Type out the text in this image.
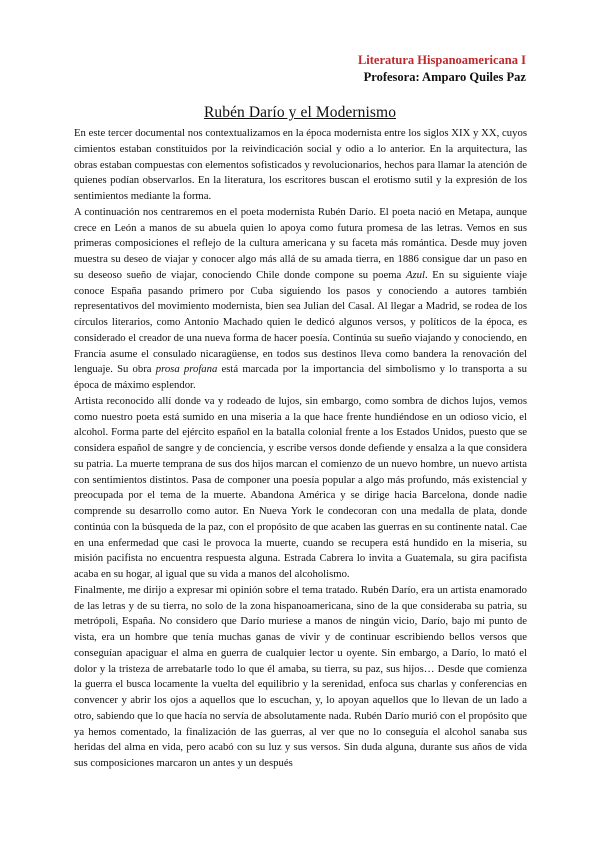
Literatura Hispanoamericana I
Profesora: Amparo Quiles Paz
Rubén Darío y el Modernismo

En este tercer documental nos contextualizamos en la época modernista entre los siglos XIX y XX, cuyos cimientos estaban constituidos por la reivindicación social y odio a lo anterior. En la arquitectura, las obras estaban compuestas con elementos sofisticados y revolucionarios, hechos para llamar la atención de quienes podían observarlos. En la literatura, los escritores buscan el erotismo sutil y la expresión de los sentimientos mediante la forma.

A continuación nos centraremos en el poeta modernista Rubén Darío. El poeta nació en Metapa, aunque crece en León a manos de su abuela quien lo apoya como futura promesa de las letras. Vemos en sus primeras composiciones el reflejo de la cultura americana y su faceta más romántica. Desde muy joven muestra su deseo de viajar y conocer algo más allá de su amada tierra, en 1886 consigue dar un paso en su deseoso sueño de viajar, conociendo Chile donde compone su poema Azul. En su siguiente viaje conoce España pasando primero por Cuba siguiendo los pasos y conociendo a autores también representativos del movimiento modernista, bien sea Julian del Casal. Al llegar a Madrid, se rodea de los círculos literarios, como Antonio Machado quien le dedicó algunos versos, y políticos de la época, es considerado el creador de una nueva forma de hacer poesía. Continúa su sueño viajando y conociendo, en Francia asume el consulado nicaragüense, en todos sus destinos lleva como bandera la renovación del lenguaje. Su obra prosa profana está marcada por la importancia del simbolismo y lo transporta a su época de máximo esplendor.

Artista reconocido allí donde va y rodeado de lujos, sin embargo, como sombra de dichos lujos, vemos como nuestro poeta está sumido en una miseria a la que hace frente hundiéndose en un odioso vicio, el alcohol. Forma parte del ejército español en la batalla colonial frente a los Estados Unidos, puesto que se considera español de sangre y de conciencia, y escribe versos donde defiende y ensalza a la que considera su patria. La muerte temprana de sus dos hijos marcan el comienzo de un nuevo hombre, un nuevo artista con sentimientos distintos. Pasa de componer una poesía popular a algo más profundo, más existencial y preocupada por el tema de la muerte. Abandona América y se dirige hacia Barcelona, donde nadie comprende su desarrollo como autor. En Nueva York le condecoran con una medalla de plata, donde continúa con la búsqueda de la paz, con el propósito de que acaben las guerras en su continente natal. Cae en una enfermedad que casi le provoca la muerte, cuando se recupera está hundido en la miseria, su misión pacifista no encuentra respuesta alguna. Estrada Cabrera lo invita a Guatemala, su gira pacifista acaba en su hogar, al igual que su vida a manos del alcoholismo.

Finalmente, me dirijo a expresar mi opinión sobre el tema tratado. Rubén Darío, era un artista enamorado de las letras y de su tierra, no solo de la zona hispanoamericana, sino de la que consideraba su patria, su metrópoli, España. No considero que Darío muriese a manos de ningún vicio, Darío, bajo mi punto de vista, era un hombre que tenía muchas ganas de vivir y de continuar escribiendo bellos versos que conseguían apaciguar el alma en guerra de cualquier lector u oyente. Sin embargo, a Darío, lo mató el dolor y la tristeza de arrebatarle todo lo que él amaba, su tierra, su paz, sus hijos… Desde que comienza la guerra el busca locamente la vuelta del equilibrio y la serenidad, enfoca sus charlas y conferencias en convencer y abrir los ojos a aquellos que lo escuchan, y, lo apoyan aquellos que lo llevan de un lado a otro, sabiendo que lo que hacía no servía de absolutamente nada. Rubén Darío murió con el propósito que ya hemos comentado, la finalización de las guerras, al ver que no lo conseguía el alcohol sanaba sus heridas del alma en vida, pero acabó con su luz y sus versos. Sin duda alguna, durante sus años de vida sus composiciones marcaron un antes y un después
